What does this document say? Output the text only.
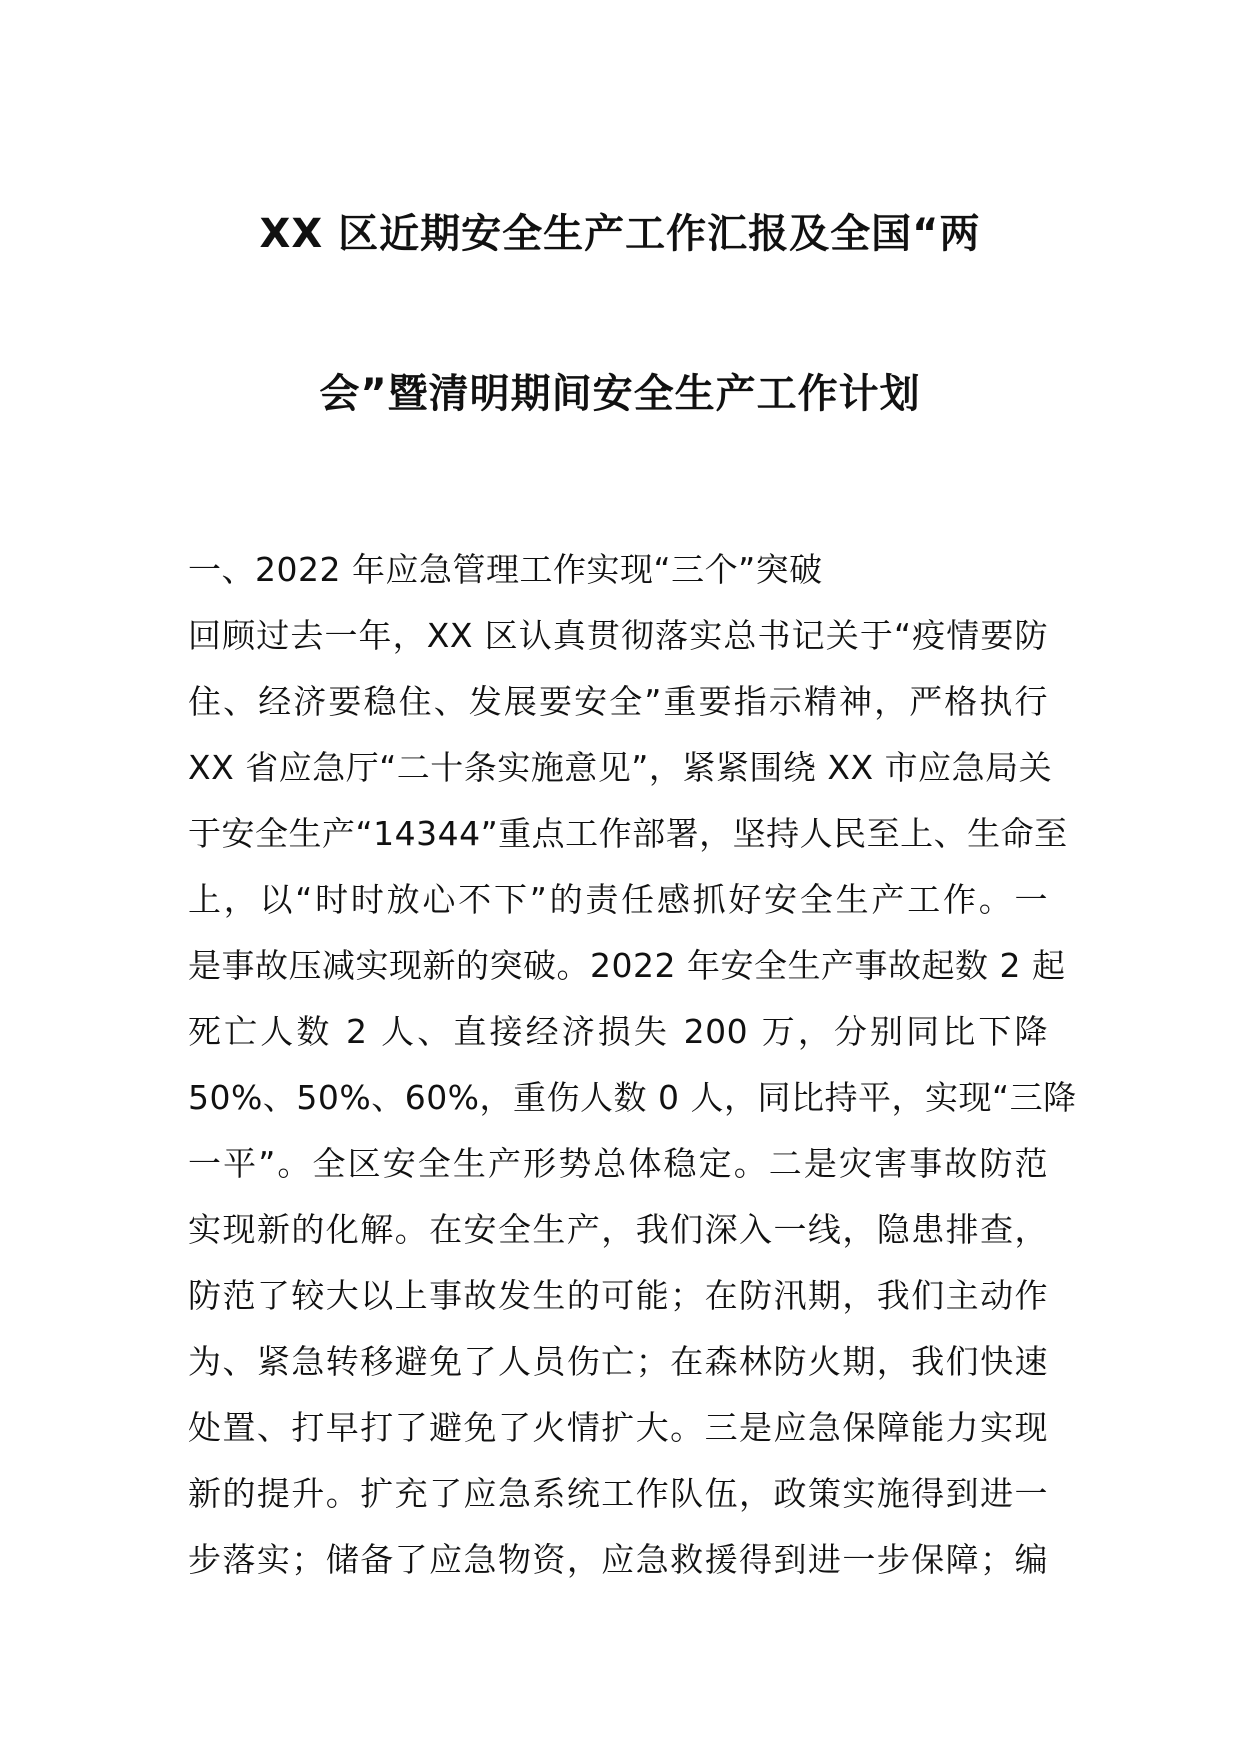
XX 区近期安全生产工作汇报及全国“两
会”暨清明期间安全生产工作计划
一、2022 年应急管理工作实现“三个”突破
回顾过去一年，XX 区认真贯彻落实总书记关于“疫情要防
住、经济要稳住、发展要安全”重要指示精神，严格执行
XX 省应急厅“二十条实施意见”，紧紧围绕 XX 市应急局关
于安全生产“14344”重点工作部署，坚持人民至上、生命至
上，以“时时放心不下”的责任感抓好安全生产工作。一
是事故压减实现新的突破。2022 年安全生产事故起数 2 起
死亡人数 2 人、直接经济损失 200 万，分别同比下降
50%、50%、60%，重伤人数 0 人，同比持平，实现“三降
一平”。全区安全生产形势总体稳定。二是灾害事故防范
实现新的化解。在安全生产，我们深入一线，隐患排查，
防范了较大以上事故发生的可能；在防汛期，我们主动作
为、紧急转移避免了人员伤亡；在森林防火期，我们快速
处置、打早打了避免了火情扩大。三是应急保障能力实现
新的提升。扩充了应急系统工作队伍，政策实施得到进一
步落实；储备了应急物资，应急救援得到进一步保障；编
